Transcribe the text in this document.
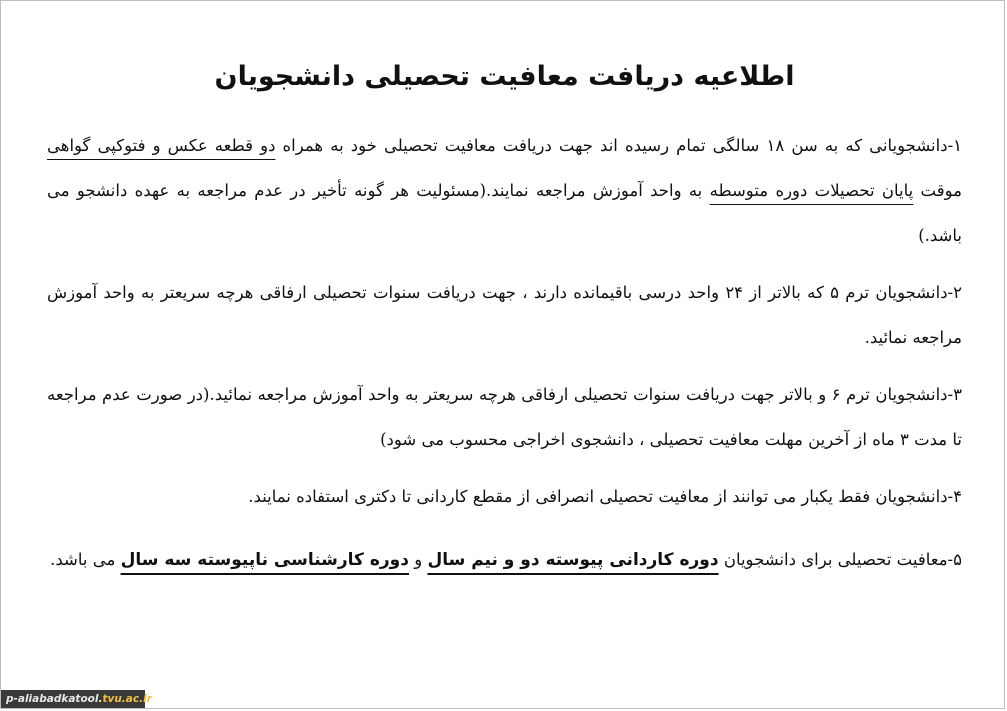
اطلاعیه دریافت معافیت تحصیلی دانشجویان

۱-دانشجویانی که به سن ۱۸ سالگی تمام رسیده اند جهت دریافت معافیت تحصیلی خود به همراه دو قطعه عکس و فتوکپی گواهی موقت پایان تحصیلات دوره متوسطه به واحد آموزش مراجعه نمایند.(مسئولیت هر گونه تأخیر در عدم مراجعه به عهده دانشجو می باشد.)

۲-دانشجویان ترم ۵ که بالاتر از ۲۴ واحد درسی باقیمانده دارند ، جهت دریافت سنوات تحصیلی ارفاقی هرچه سریعتر به واحد آموزش مراجعه نمائید.

۳-دانشجویان ترم ۶ و بالاتر جهت دریافت سنوات تحصیلی ارفاقی هرچه سریعتر به واحد آموزش مراجعه نمائید.(در صورت عدم مراجعه تا مدت ۳ ماه از آخرین مهلت معافیت تحصیلی ، دانشجوی اخراجی محسوب می شود)

۴-دانشجویان فقط یکبار می توانند از معافیت تحصیلی انصرافی از مقطع کاردانی تا دکتری استفاده نمایند.

۵-معافیت تحصیلی برای دانشجویان دوره کاردانی پیوسته دو و نیم سال و دوره کارشناسی ناپیوسته سه سال می باشد.

p-aliabadkatool.tvu.ac.ir
